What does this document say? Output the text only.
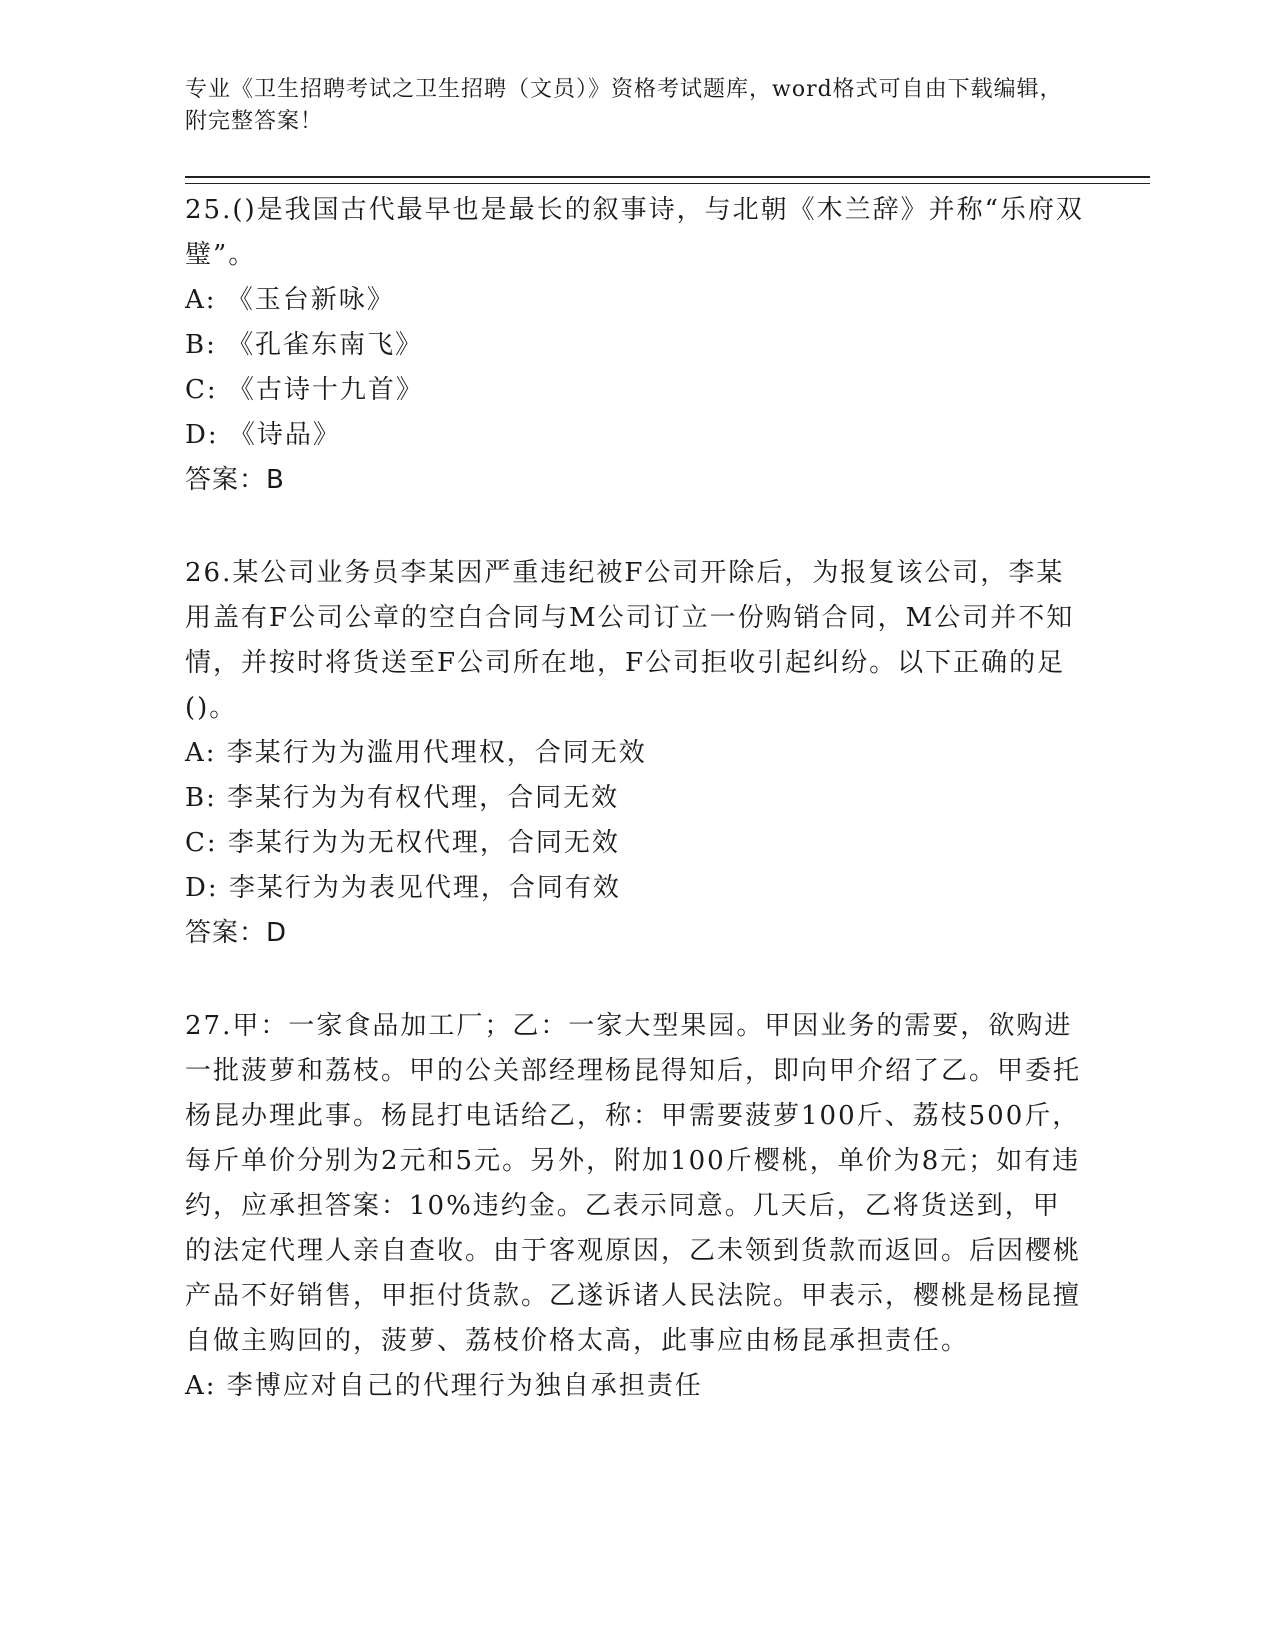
专业《卫生招聘考试之卫生招聘（文员）》资格考试题库，word格式可自由下载编辑，附完整答案！

25.()是我国古代最早也是最长的叙事诗，与北朝《木兰辞》并称“乐府双璧”。

A: 《玉台新咏》

B: 《孔雀东南飞》

C: 《古诗十九首》

D: 《诗品》

答案：B

26.某公司业务员李某因严重违纪被F公司开除后，为报复该公司，李某用盖有F公司公章的空白合同与M公司订立一份购销合同，M公司并不知情，并按时将货送至F公司所在地，F公司拒收引起纠纷。以下正确的足()。

A: 李某行为为滥用代理权，合同无效

B: 李某行为为有权代理，合同无效

C: 李某行为为无权代理，合同无效

D: 李某行为为表见代理，合同有效

答案：D

27.甲：一家食品加工厂；乙：一家大型果园。甲因业务的需要，欲购进一批菠萝和荔枝。甲的公关部经理杨昆得知后，即向甲介绍了乙。甲委托杨昆办理此事。杨昆打电话给乙，称：甲需要菠萝100斤、荔枝500斤，每斤单价分别为2元和5元。另外，附加100斤樱桃，单价为8元；如有违约，应承担答案：10%违约金。乙表示同意。几天后，乙将货送到，甲的法定代理人亲自查收。由于客观原因，乙未领到货款而返回。后因樱桃产品不好销售，甲拒付货款。乙遂诉诸人民法院。甲表示，樱桃是杨昆擅自做主购回的，菠萝、荔枝价格太高，此事应由杨昆承担责任。

A: 李博应对自己的代理行为独自承担责任
